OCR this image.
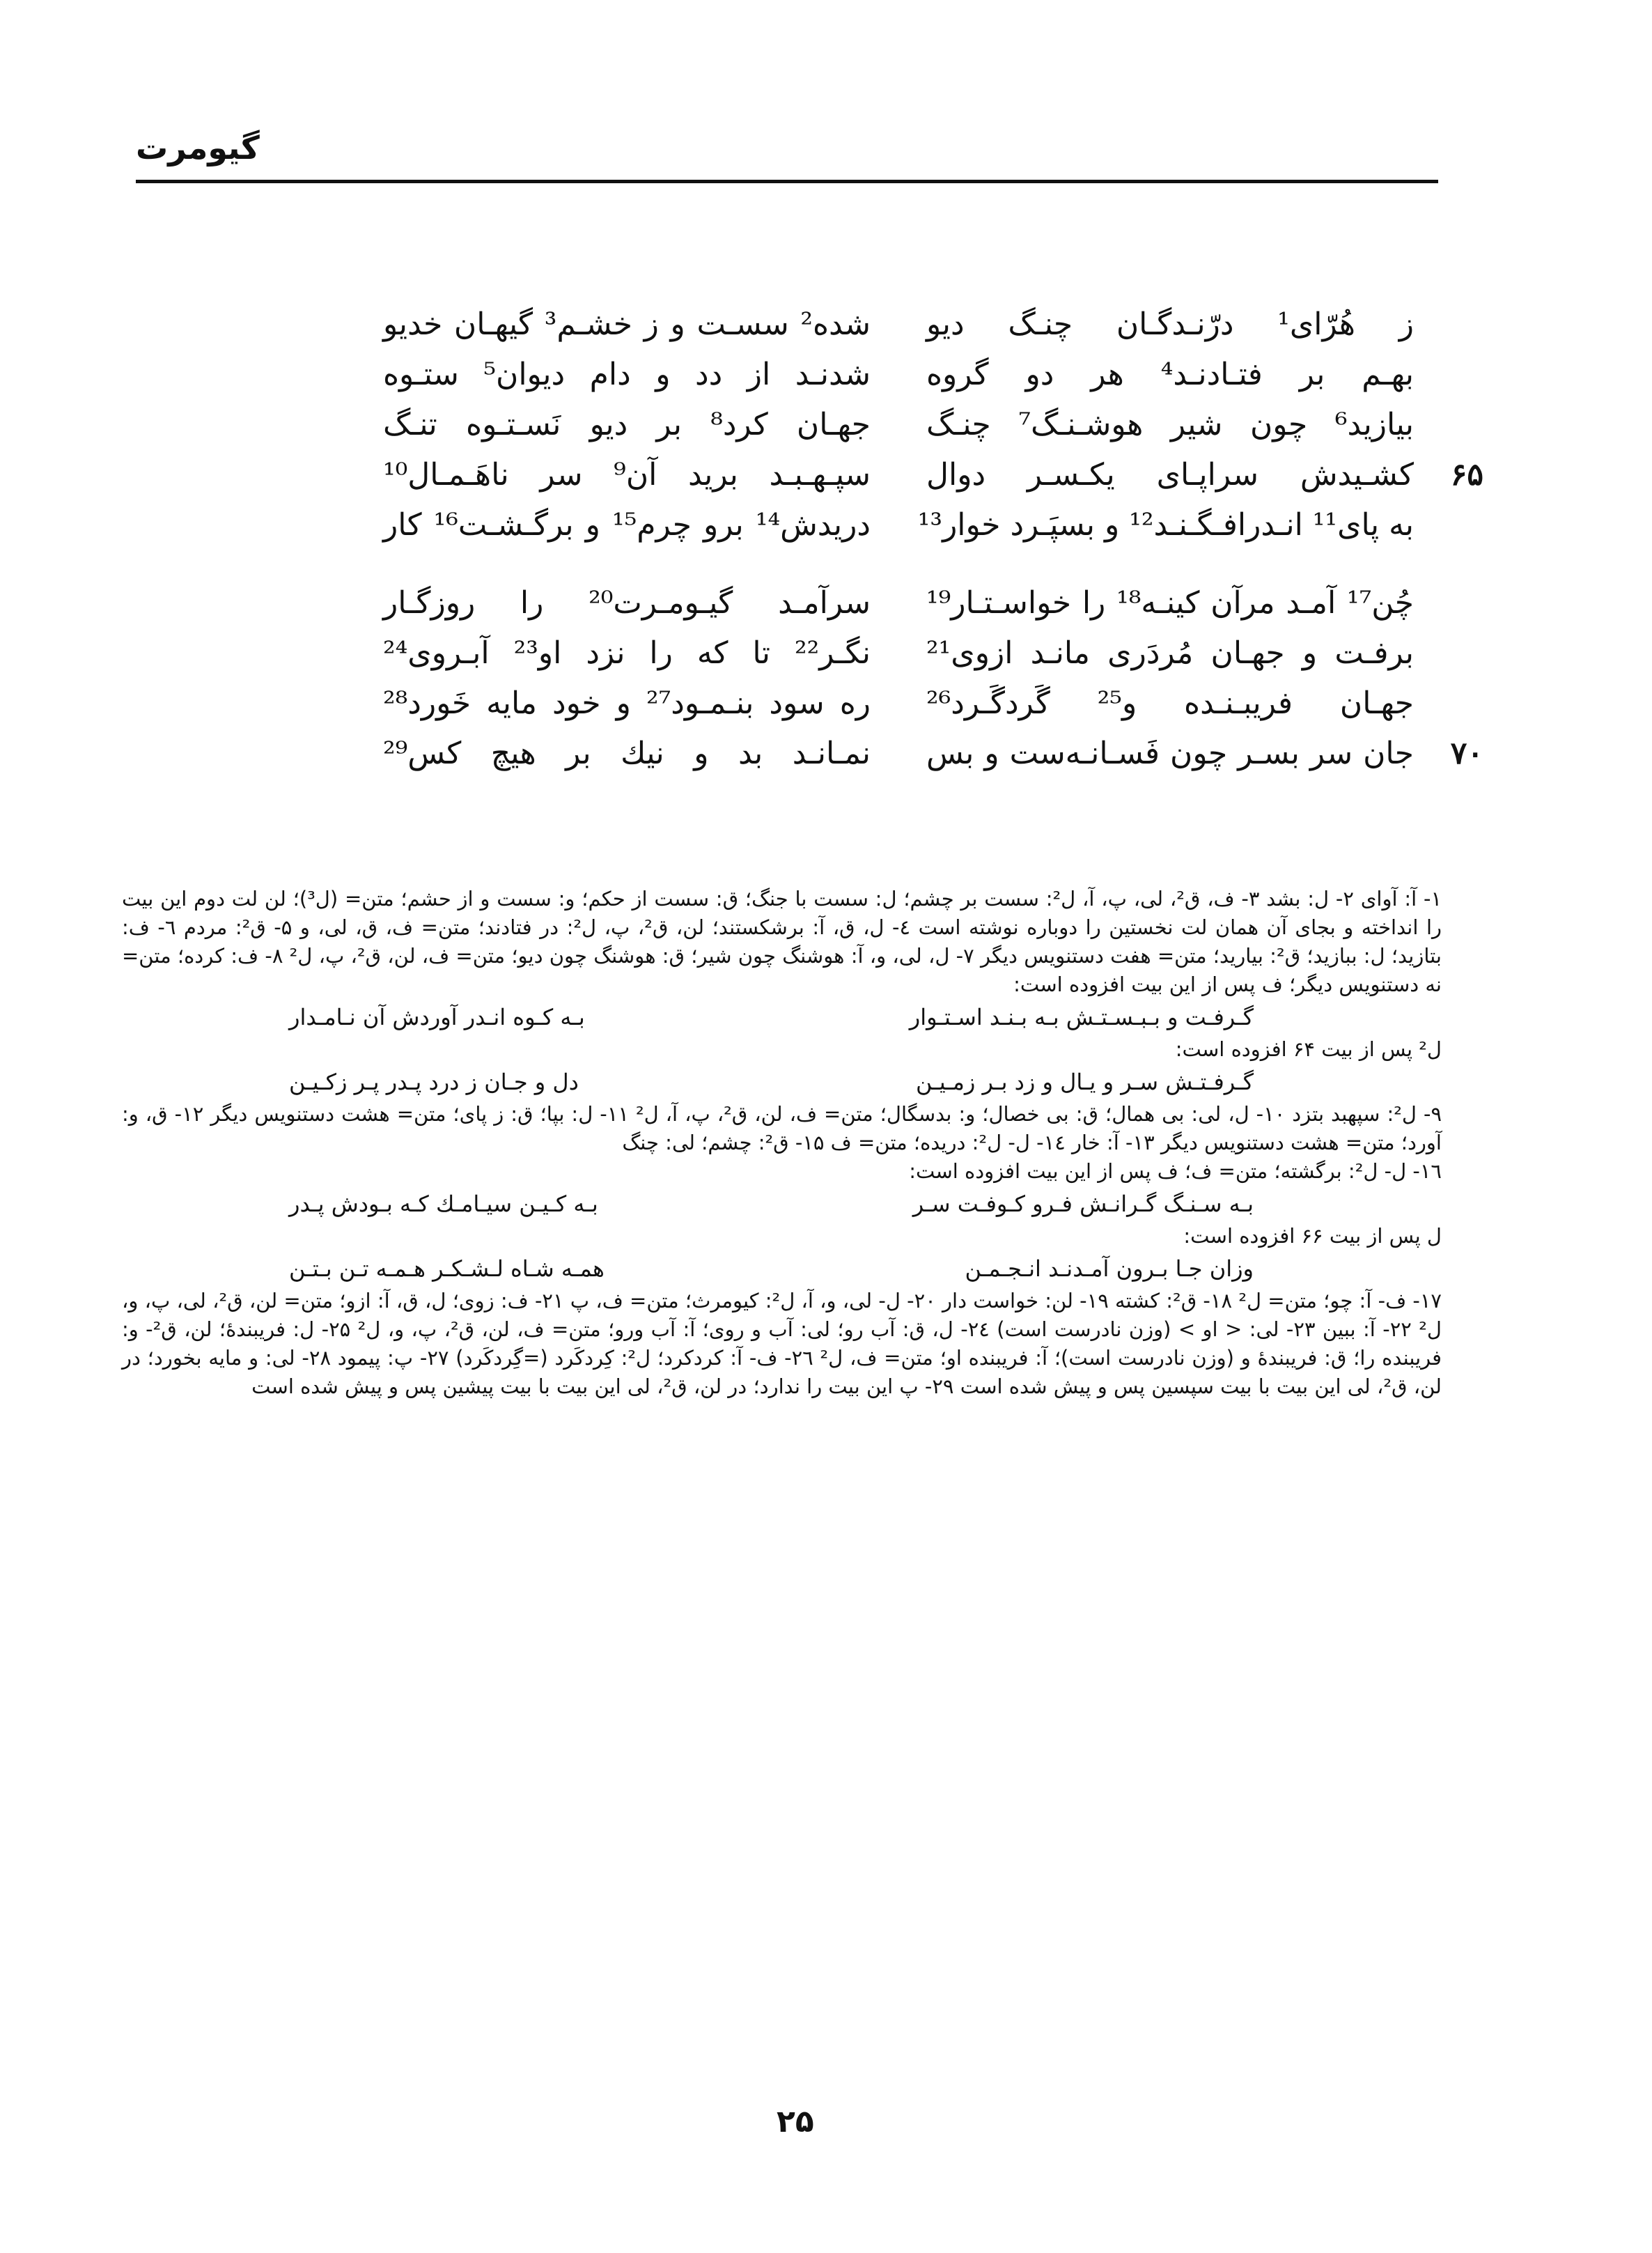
گیومرت
ز هُرّای¹ درّنـدگـان چنـگ دیو
شده² سسـت و ز خشـم³ گیهـان خدیو
بهـم بر فتـادنـد⁴ هر دو گروه
شدنـد از دد و دام دیوان⁵ ستـوه
بیازید⁶ چون شیر هوشـنـگ⁷ چنـگ
جهـان کرد⁸ بر دیو نَسـتـوه تنـگ
۶۵
کشـیدش سراپـای یکـسـر دوال
سپـهـبـد برید آن⁹ سر ناهَـمـال¹⁰
به پای¹¹ انـدرافـگـنـد¹² و بسپَـرد خوار¹³
دریدش¹⁴ برو چرم¹⁵ و برگـشـت¹⁶ کار
چُن¹⁷ آمـد مرآن کینـه¹⁸ را خواسـتـار¹⁹
سرآمـد گیـومـرت²⁰ را روزگـار
برفـت و جهـان مُردَری مانـد ازوی²¹
نگـر²² تا که را نزد او²³ آبـروی²⁴
جهـان فریبـنـده و²⁵ گَردگَـرد²⁶
ره سود بنـمـود²⁷ و خود مایه خَورد²⁸
۷۰
جان سر بسـر چون فَسـانـه‌ست و بس
نمـانـد بد و نیك بر هیچ کس²⁹

۱- آ: آوای ۲- ل: بشد ۳- ف، ق²، لی، پ، آ، ل²: سست بر چشم؛ ل: سست با جنگ؛ ق: سست از حکم؛ و: سست و از حشم؛ متن= (ل³)؛ لن لت دوم این بیت را انداخته و بجای آن همان لت نخستین را دوباره نوشته است ٤- ل، ق، آ: برشکستند؛ لن، ق²، پ، ل²: در فتادند؛ متن= ف، ق، لی، و ۵- ق²: مردم ٦- ف: بتازید؛ ل: ببازید؛ ق²: بیارید؛ متن= هفت دستنویس دیگر ۷- ل، لی، و، آ: هوشنگ چون شیر؛ ق: هوشنگ چون دیو؛ متن= ف، لن، ق²، پ، ل² ۸- ف: کرده؛ متن= نه دستنویس دیگر؛ ف پس از این بیت افزوده است:

گـرفـت و بـبـسـتـش بـه بـنـد اسـتـوار
بـه کـوه انـدر آوردش آن نـامـدار

ل² پس از بیت ۶۴ افزوده است:

گـرفـتـش سـر و یـال و زد بـر زمـیـن
دل و جـان ز درد پـدر پـر زکـیـن

۹- ل²: سپهبد بتزد ۱۰- ل، لی: بی همال؛ ق: بی خصال؛ و: بدسگال؛ متن= ف، لن، ق²، پ، آ، ل² ۱۱- ل: بپا؛ ق: ز پای؛ متن= هشت دستنویس دیگر ۱۲- ق، و: آورد؛ متن= هشت دستنویس دیگر ۱۳- آ: خار ١٤- ل- ل²: دریده؛ متن= ف ۱۵- ق²: چشم؛ لی: چنگ

۱٦- ل- ل²: برگشته؛ متن= ف؛ ف پس از این بیت افزوده است:

بـه سـنـگ گـرانـش فـرو کـوفـت سـر
بـه کـیـن سیـامـك کـه بـودش پـدر

ل پس از بیت ۶۶ افزوده است:

وزان جـا بـرون آمـدنـد انـجـمـن
همـه شـاه لـشـکـر هـمـه تـن بـتـن

۱۷- ف- آ: چو؛ متن= ل² ۱۸- ق²: کشته ۱۹- لن: خواست دار ۲۰- ل- لی، و، آ، ل²: کیومرث؛ متن= ف، پ ۲۱- ف: زوی؛ ل، ق، آ: ازو؛ متن= لن، ق²، لی، پ، و، ل² ۲۲- آ: ببین ۲۳- لی: < او > (وزن نادرست است) ٢٤- ل، ق: آب رو؛ لی: آب و روی؛ آ: آب ورو؛ متن= ف، لن، ق²، پ، و، ل² ۲۵- ل: فریبندهٔ؛ لن، ق²- و: فریبنده را؛ ق: فریبندهٔ و (وزن نادرست است)؛ آ: فریبنده او؛ متن= ف، ل² ٢٦- ف- آ: کردکرد؛ ل²: کِردکَرد (=گِردکَرد) ۲۷- پ: پیمود ۲۸- لی: و مایه بخورد؛ در لن، ق²، لی این بیت با بیت سپسین پس و پیش شده است ۲۹- پ این بیت را ندارد؛ در لن، ق²، لی این بیت با بیت پیشین پس و پیش شده است

۲۵
